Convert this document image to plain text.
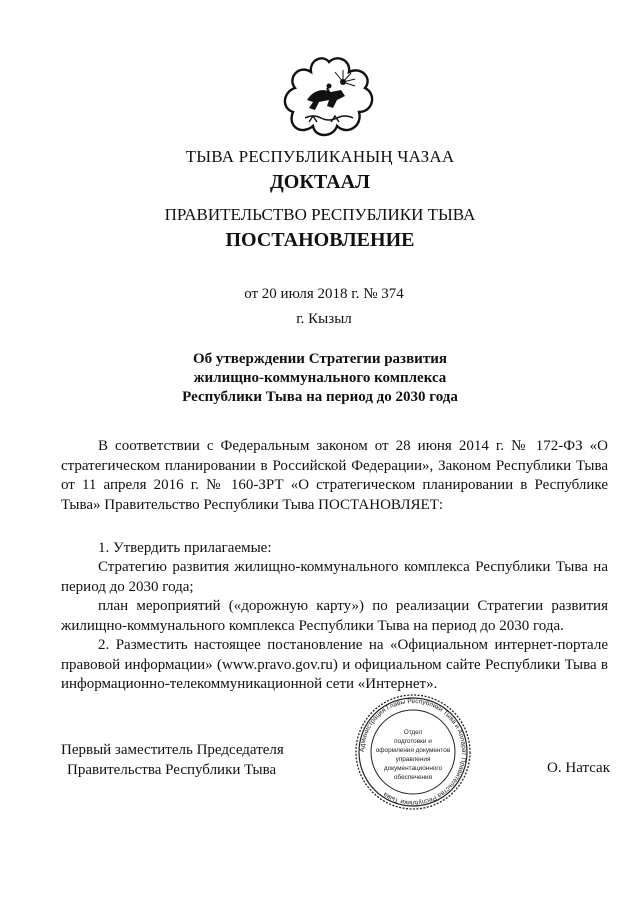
ТЫВА РЕСПУБЛИКАНЫҢ ЧАЗАА
ДОКТААЛ
ПРАВИТЕЛЬСТВО РЕСПУБЛИКИ ТЫВА
ПОСТАНОВЛЕНИЕ
от 20 июля 2018 г. № 374
г. Кызыл
Об утверждении Стратегии развития
жилищно-коммунального комплекса
Республики Тыва на период до 2030 года

В соответствии с Федеральным законом от 28 июня 2014 г. № 172-ФЗ «О стратегическом планировании в Российской Федерации», Законом Республики Тыва от 11 апреля 2016 г. № 160-ЗРТ «О стратегическом планировании в Республике Тыва» Правительство Республики Тыва ПОСТАНОВЛЯЕТ:

1. Утвердить прилагаемые:

Стратегию развития жилищно-коммунального комплекса Республики Тыва на период до 2030 года;

план мероприятий («дорожную карту») по реализации Стратегии развития жилищно-коммунального комплекса Республики Тыва на период до 2030 года.

2. Разместить настоящее постановление на «Официальном интернет-портале правовой информации» (www.pravo.gov.ru) и официальном сайте Республики Тыва в информационно-телекоммуникационной сети «Интернет».

Первый заместитель Председателя
Правительства Республики Тыва
Администрация Главы Республики Тыва и Аппарат Правительства Республики Тыва
Отдел
подготовки и
оформления документов
управления
документационного
обеспечения
О. Натсак
